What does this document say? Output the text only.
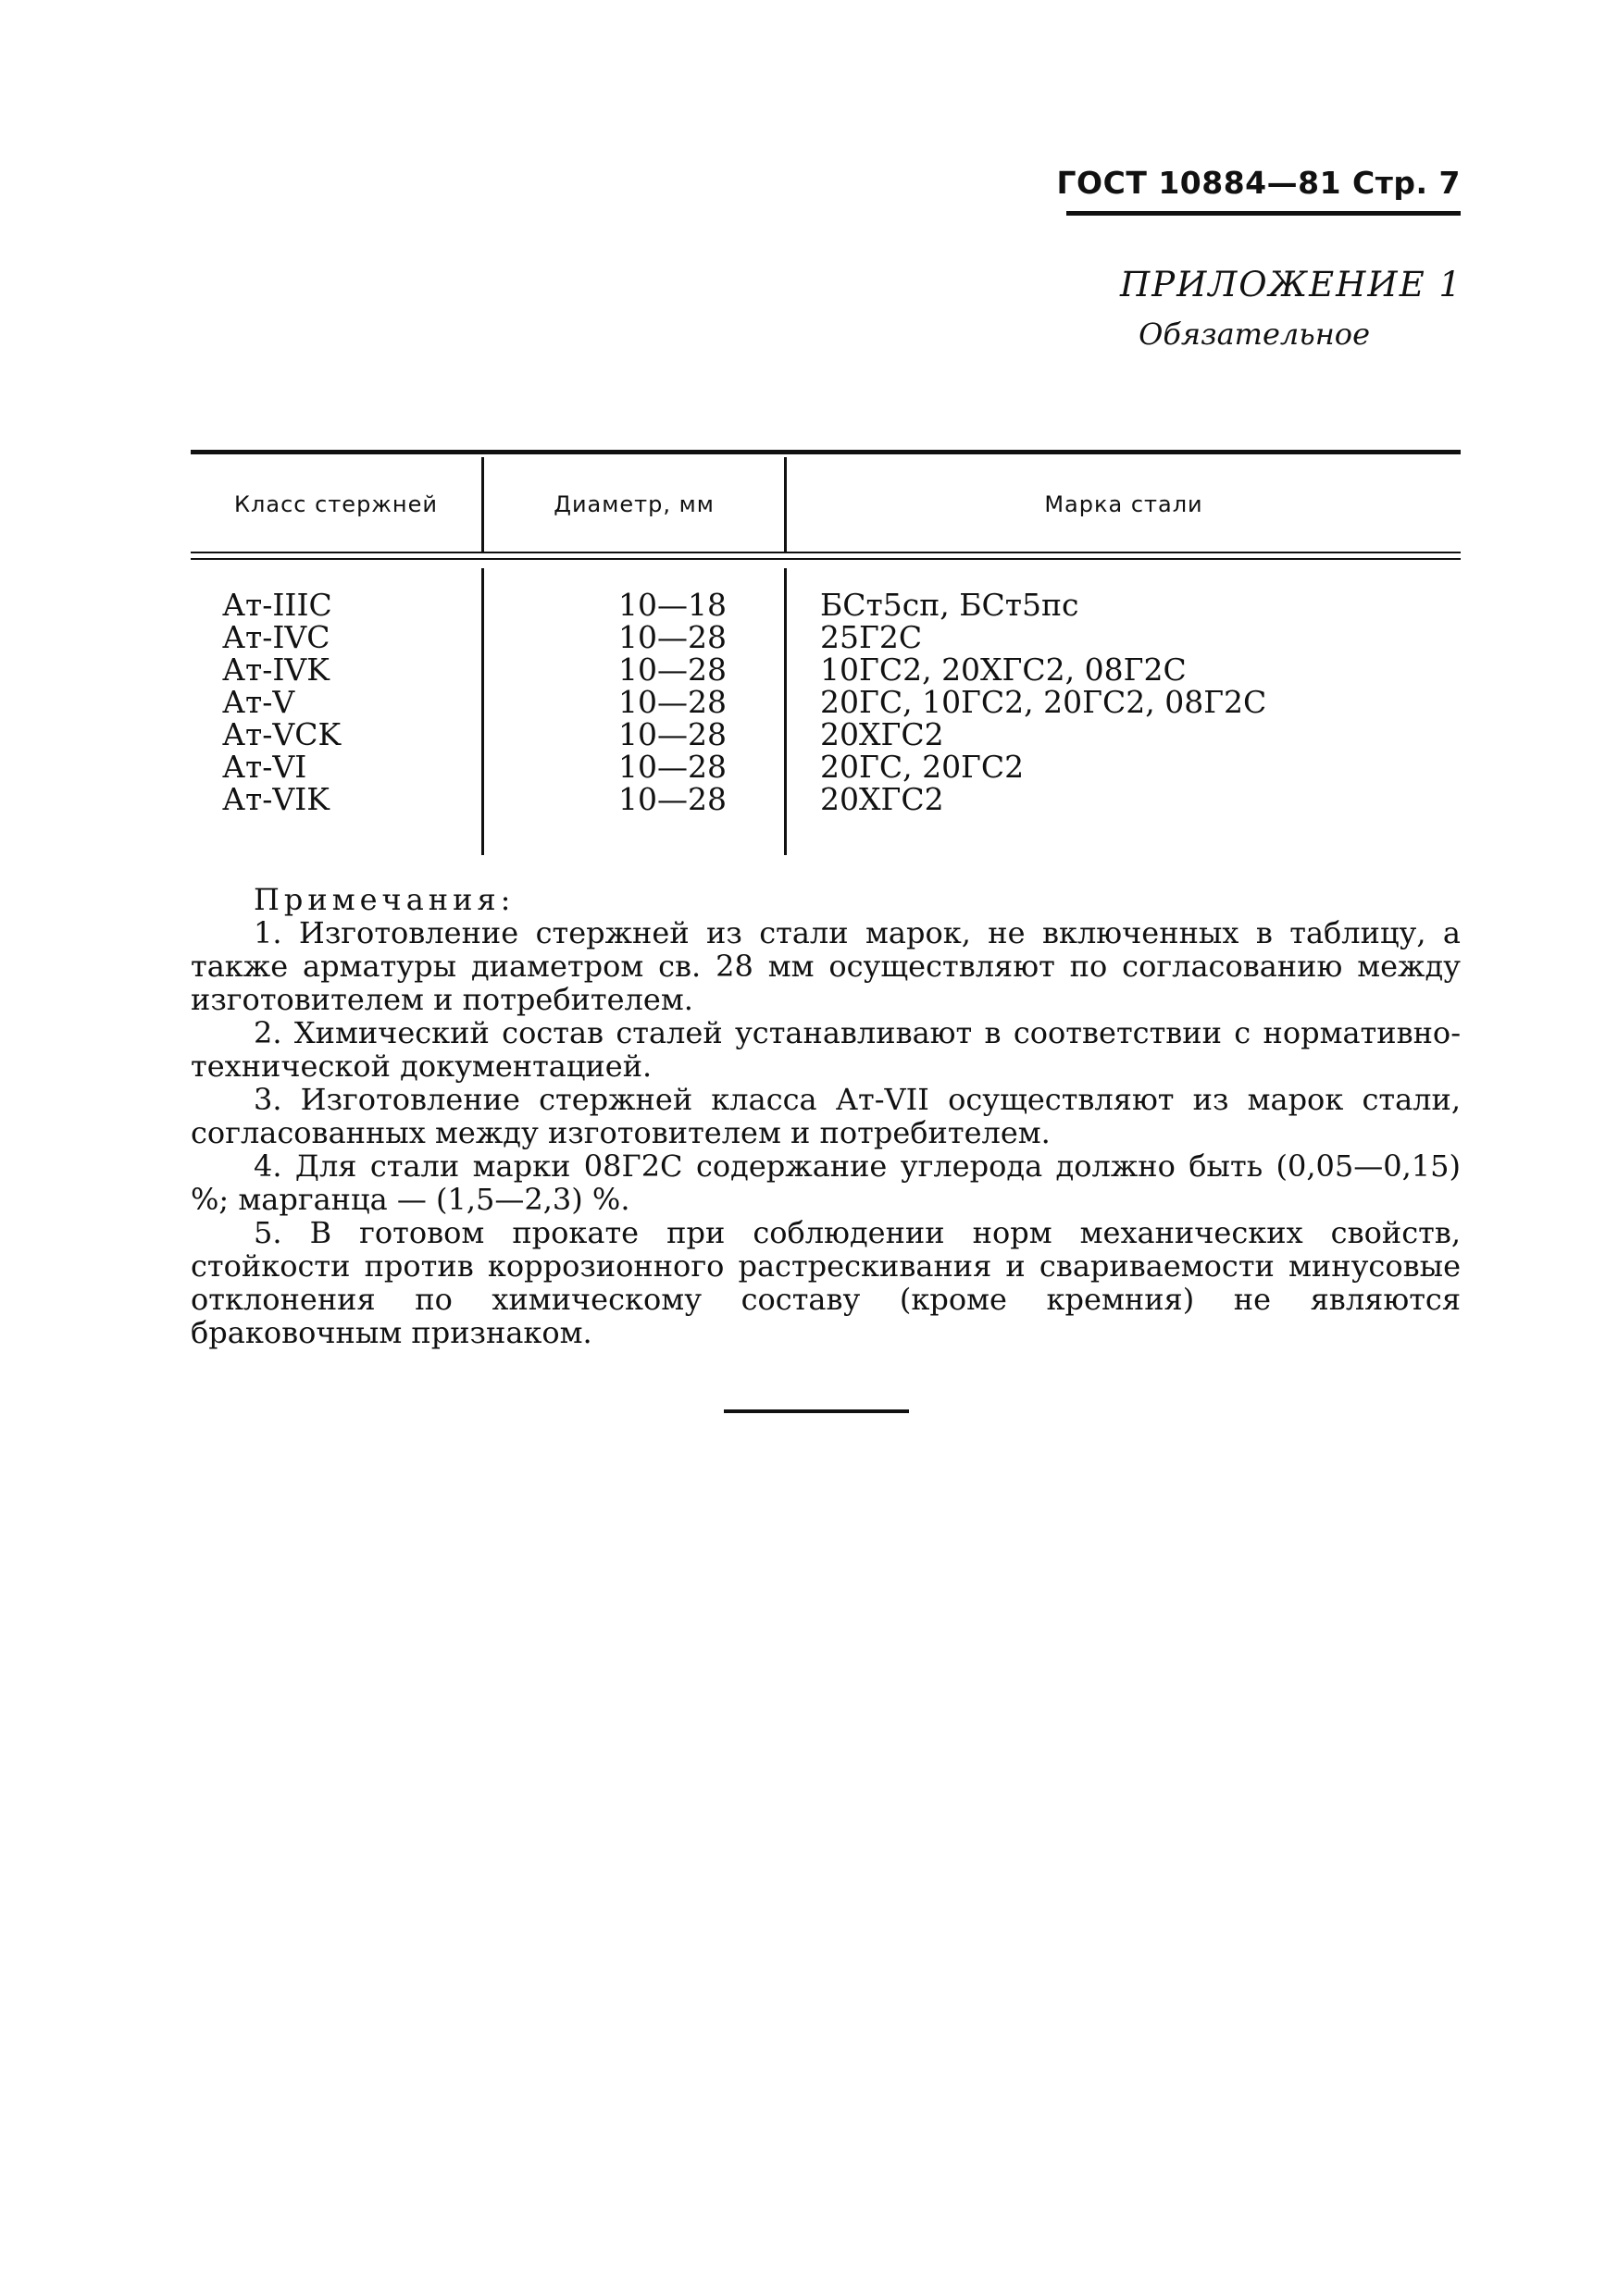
ГОСТ 10884—81 Стр. 7
ПРИЛОЖЕНИЕ 1
Обязательное
Класс стержней	Диаметр, мм	Марка стали
Ат-IIIС	10—18	БСт5сп, БСт5пс
Ат-IVC	10—28	25Г2С
Ат-IVK	10—28	10ГС2, 20ХГС2, 08Г2С
Ат-V	10—28	20ГС, 10ГС2, 20ГС2, 08Г2С
Ат-VCK	10—28	20ХГС2
Ат-VI	10—28	20ГС, 20ГС2
Ат-VIK	10—28	20ХГС2
Примечания:

1. Изготовление стержней из стали марок, не включенных в таблицу, а также арматуры диаметром св. 28 мм осуществляют по согласованию между изготовителем и потребителем.

2. Химический состав сталей устанавливают в соответствии с нормативно-технической документацией.

3. Изготовление стержней класса Ат-VII осуществляют из марок стали, согласованных между изготовителем и потребителем.

4. Для стали марки 08Г2С содержание углерода должно быть (0,05—0,15) %; марганца — (1,5—2,3) %.

5. В готовом прокате при соблюдении норм механических свойств, стойкости против коррозионного растрескивания и свариваемости минусовые отклонения по химическому составу (кроме кремния) не являются браковочным признаком.
